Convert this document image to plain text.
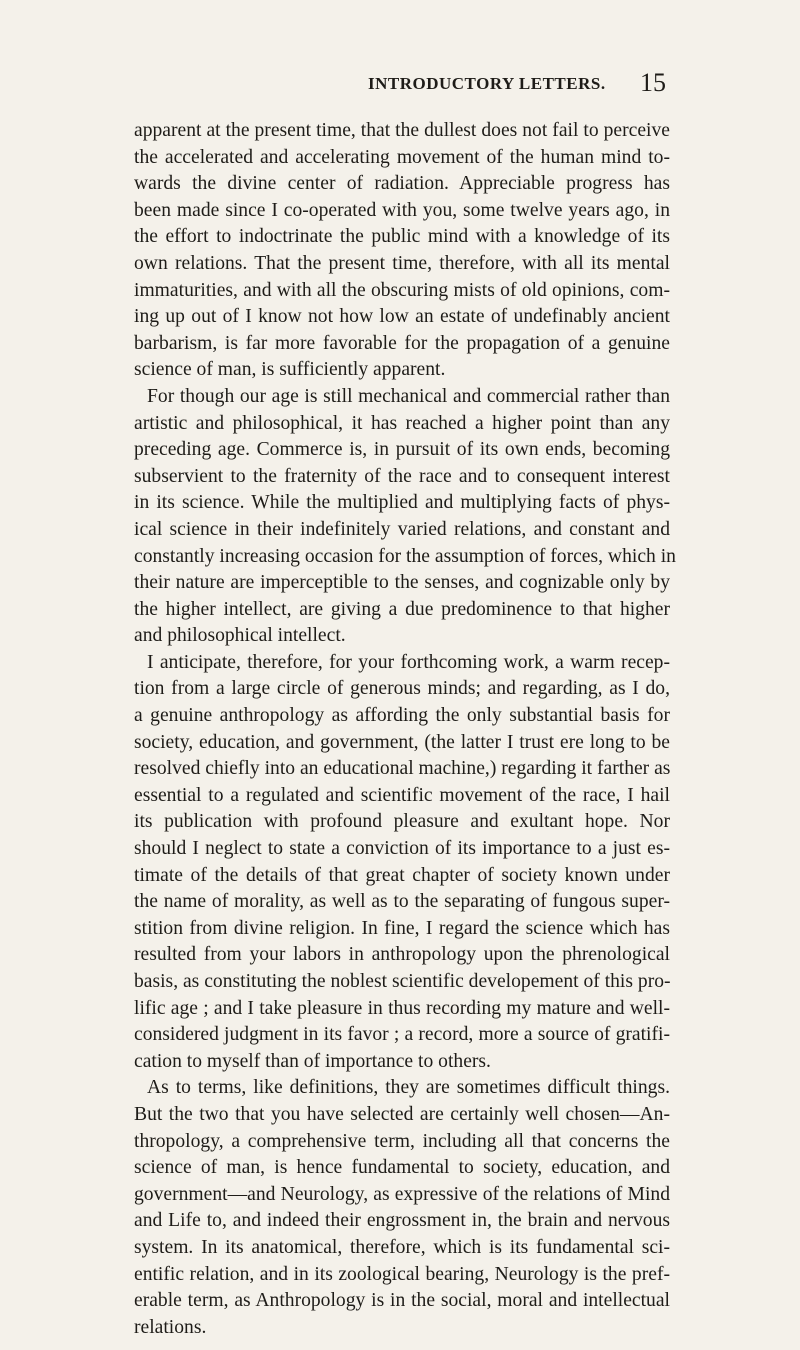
INTRODUCTORY LETTERS. 15
apparent at the present time, that the dullest does not fail to perceive
the accelerated and accelerating movement of the human mind to-
wards the divine center of radiation. Appreciable progress has
been made since I co-operated with you, some twelve years ago, in
the effort to indoctrinate the public mind with a knowledge of its
own relations. That the present time, therefore, with all its mental
immaturities, and with all the obscuring mists of old opinions, com-
ing up out of I know not how low an estate of undefinably ancient
barbarism, is far more favorable for the propagation of a genuine
science of man, is sufficiently apparent.
For though our age is still mechanical and commercial rather than
artistic and philosophical, it has reached a higher point than any
preceding age. Commerce is, in pursuit of its own ends, becoming
subservient to the fraternity of the race and to consequent interest
in its science. While the multiplied and multiplying facts of phys-
ical science in their indefinitely varied relations, and constant and
constantly increasing occasion for the assumption of forces, which in
their nature are imperceptible to the senses, and cognizable only by
the higher intellect, are giving a due predominence to that higher
and philosophical intellect.
I anticipate, therefore, for your forthcoming work, a warm recep-
tion from a large circle of generous minds; and regarding, as I do,
a genuine anthropology as affording the only substantial basis for
society, education, and government, (the latter I trust ere long to be
resolved chiefly into an educational machine,) regarding it farther as
essential to a regulated and scientific movement of the race, I hail
its publication with profound pleasure and exultant hope. Nor
should I neglect to state a conviction of its importance to a just es-
timate of the details of that great chapter of society known under
the name of morality, as well as to the separating of fungous super-
stition from divine religion. In fine, I regard the science which has
resulted from your labors in anthropology upon the phrenological
basis, as constituting the noblest scientific developement of this pro-
lific age ; and I take pleasure in thus recording my mature and well-
considered judgment in its favor ; a record, more a source of gratifi-
cation to myself than of importance to others.
As to terms, like definitions, they are sometimes difficult things.
But the two that you have selected are certainly well chosen—An-
thropology, a comprehensive term, including all that concerns the
science of man, is hence fundamental to society, education, and
government—and Neurology, as expressive of the relations of Mind
and Life to, and indeed their engrossment in, the brain and nervous
system. In its anatomical, therefore, which is its fundamental sci-
entific relation, and in its zoological bearing, Neurology is the pref-
erable term, as Anthropology is in the social, moral and intellectual
relations.
